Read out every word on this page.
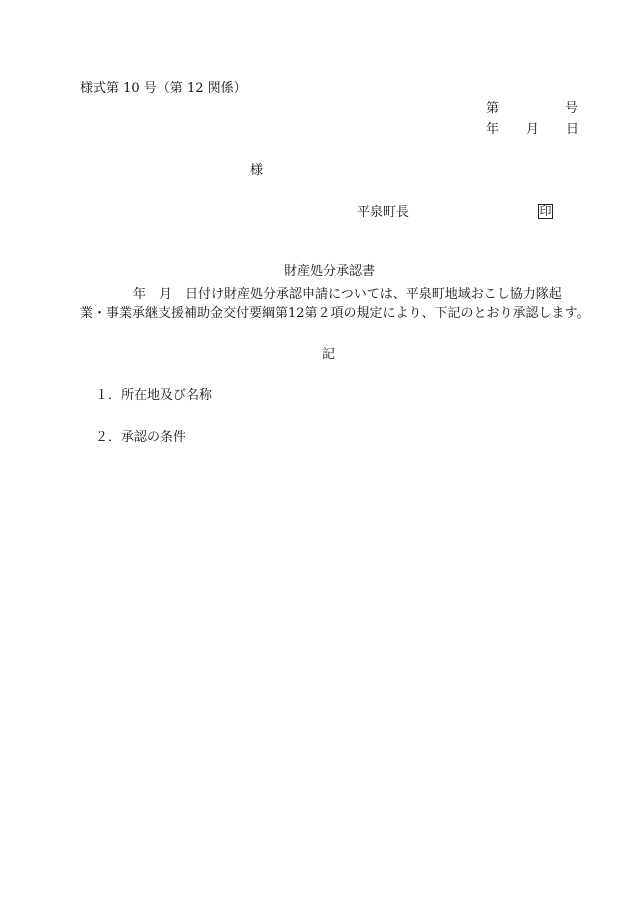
様式第 10 号（第 12 関係）
第	号
年 月 日
様
平泉町長	印
財産処分承認書
年　月　日付け財産処分承認申請については、平泉町地域おこし協力隊起
業・事業承継支援補助金交付要綱第12第２項の規定により、下記のとおり承認します。
記
１．所在地及び名称
２．承認の条件
